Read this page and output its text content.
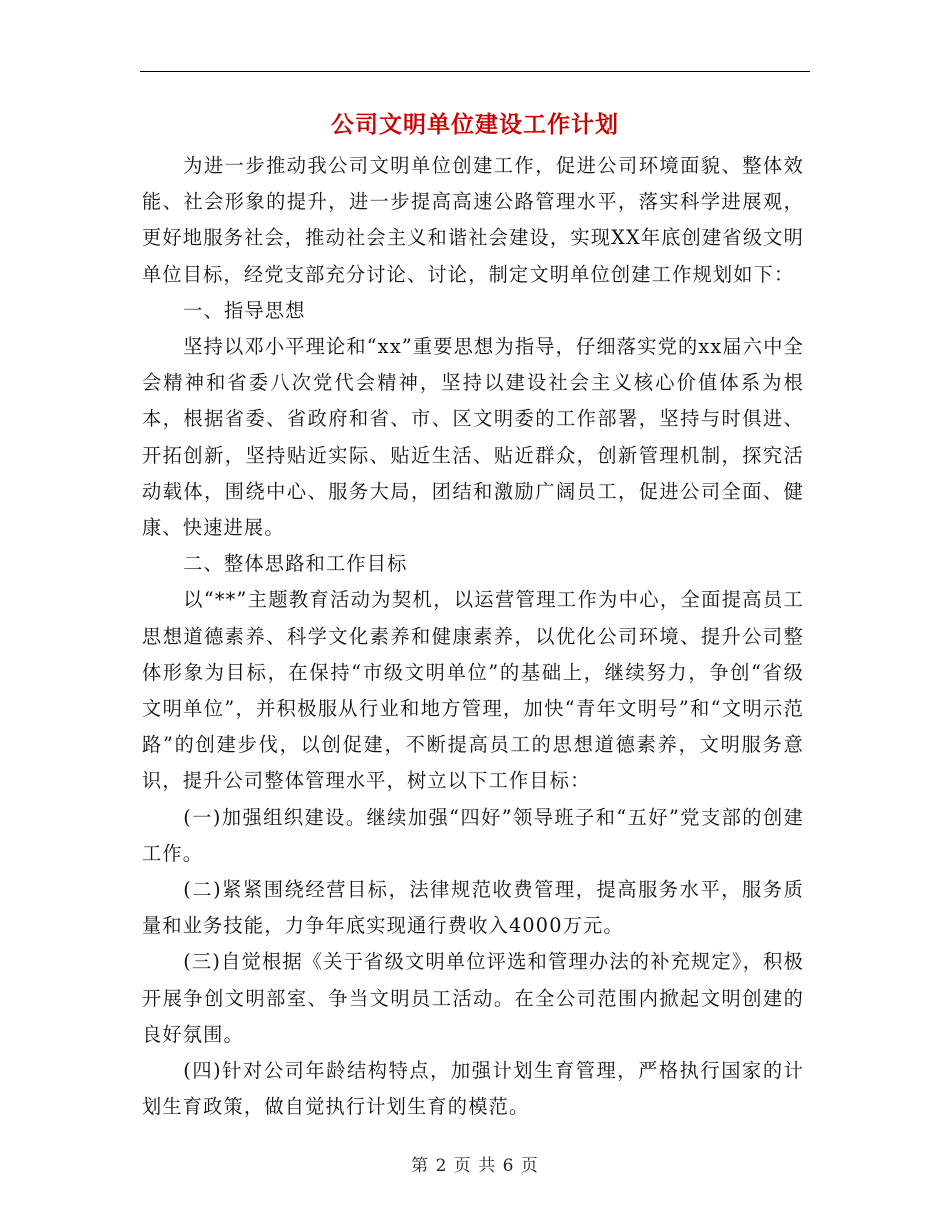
公司文明单位建设工作计划

为进一步推动我公司文明单位创建工作，促进公司环境面貌、整体效能、社会形象的提升，进一步提高高速公路管理水平，落实科学进展观，更好地服务社会，推动社会主义和谐社会建设，实现XX年底创建省级文明单位目标，经党支部充分讨论、讨论，制定文明单位创建工作规划如下：

一、指导思想

坚持以邓小平理论和“xx”重要思想为指导，仔细落实党的xx届六中全会精神和省委八次党代会精神，坚持以建设社会主义核心价值体系为根本，根据省委、省政府和省、市、区文明委的工作部署，坚持与时俱进、开拓创新，坚持贴近实际、贴近生活、贴近群众，创新管理机制，探究活动载体，围绕中心、服务大局，团结和激励广阔员工，促进公司全面、健康、快速进展。

二、整体思路和工作目标

以“**”主题教育活动为契机，以运营管理工作为中心，全面提高员工思想道德素养、科学文化素养和健康素养，以优化公司环境、提升公司整体形象为目标，在保持“市级文明单位”的基础上，继续努力，争创“省级文明单位”，并积极服从行业和地方管理，加快“青年文明号”和“文明示范路”的创建步伐，以创促建，不断提高员工的思想道德素养，文明服务意识，提升公司整体管理水平，树立以下工作目标：

(一)加强组织建设。继续加强“四好”领导班子和“五好”党支部的创建工作。

(二)紧紧围绕经营目标，法律规范收费管理，提高服务水平，服务质量和业务技能，力争年底实现通行费收入4000万元。

(三)自觉根据《关于省级文明单位评选和管理办法的补充规定》，积极开展争创文明部室、争当文明员工活动。在全公司范围内掀起文明创建的良好氛围。

(四)针对公司年龄结构特点，加强计划生育管理，严格执行国家的计划生育政策，做自觉执行计划生育的模范。

第 2 页 共 6 页
